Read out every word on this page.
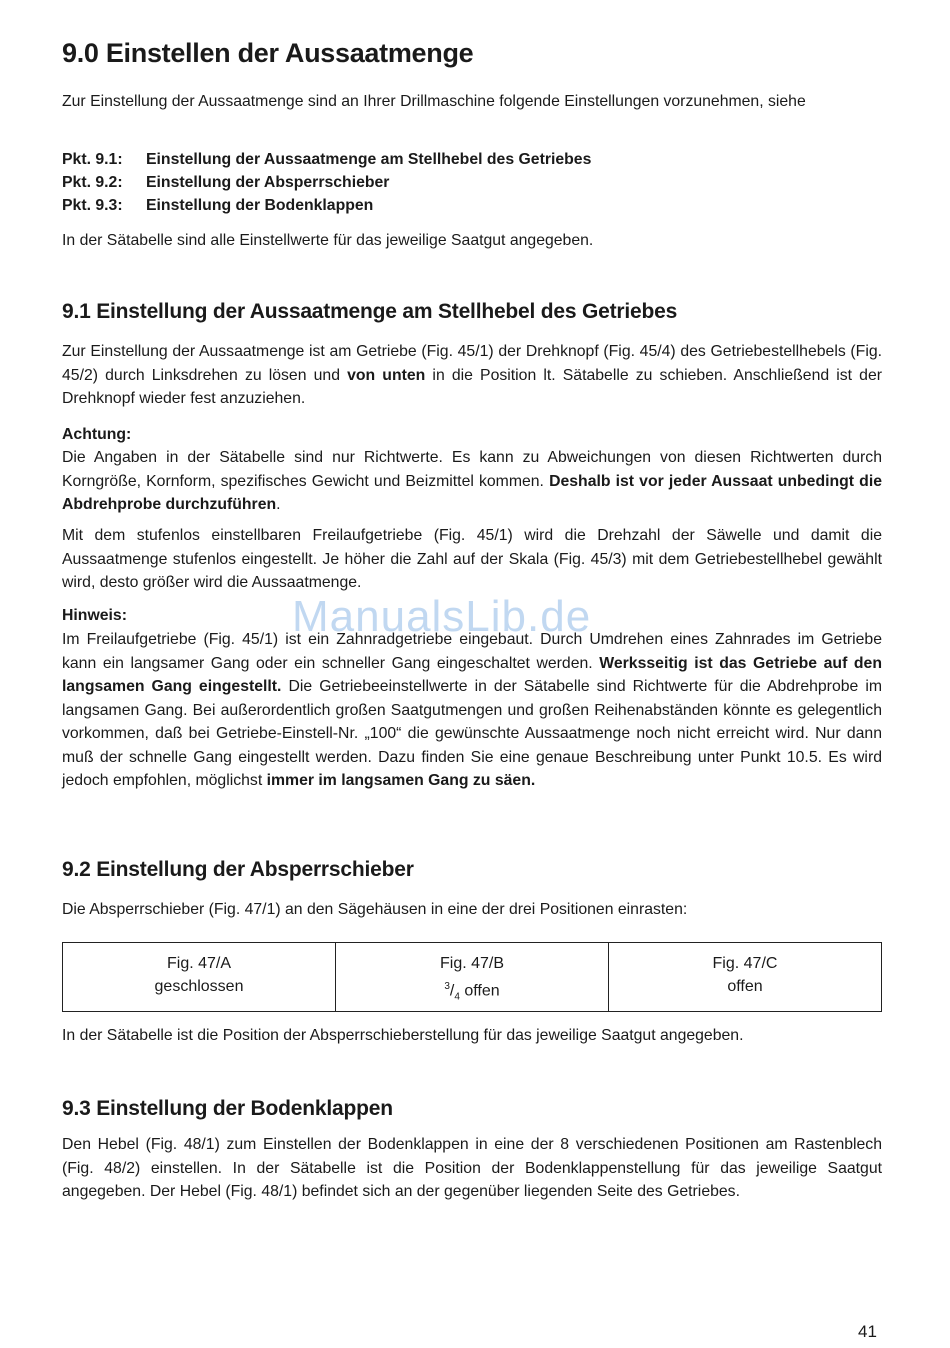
ManualsLib.de
9.0 Einstellen der Aussaatmenge

Zur Einstellung der Aussaatmenge sind an Ihrer Drillmaschine folgende Einstellungen vorzunehmen, siehe

Pkt. 9.1: Einstellung der Aussaatmenge am Stellhebel des Getriebes

Pkt. 9.2: Einstellung der Absperrschieber

Pkt. 9.3: Einstellung der Bodenklappen

In der Sätabelle sind alle Einstellwerte für das jeweilige Saatgut angegeben.

9.1 Einstellung der Aussaatmenge am Stellhebel des Getriebes

Zur Einstellung der Aussaatmenge ist am Getriebe (Fig. 45/1) der Drehknopf (Fig. 45/4) des Getriebestellhebels (Fig. 45/2) durch Linksdrehen zu lösen und von unten in die Position lt. Sätabelle zu schieben. Anschließend ist der Drehknopf wieder fest anzuziehen.

Achtung:

Die Angaben in der Sätabelle sind nur Richtwerte. Es kann zu Abweichungen von diesen Richtwerten durch Korngröße, Kornform, spezifisches Gewicht und Beizmittel kommen. Deshalb ist vor jeder Aussaat unbedingt die Abdrehprobe durchzuführen.

Mit dem stufenlos einstellbaren Freilaufgetriebe (Fig. 45/1) wird die Drehzahl der Säwelle und damit die Aussaatmenge stufenlos eingestellt. Je höher die Zahl auf der Skala (Fig. 45/3) mit dem Getriebestellhebel gewählt wird, desto größer wird die Aussaatmenge.

Hinweis:

Im Freilaufgetriebe (Fig. 45/1) ist ein Zahnradgetriebe eingebaut. Durch Umdrehen eines Zahnrades im Getriebe kann ein langsamer Gang oder ein schneller Gang eingeschaltet werden. Werksseitig ist das Getriebe auf den langsamen Gang eingestellt. Die Getriebeeinstellwerte in der Sätabelle sind Richtwerte für die Abdrehprobe im langsamen Gang. Bei außerordentlich großen Saatgutmengen und großen Reihenabständen könnte es gelegentlich vorkommen, daß bei Getriebe-Einstell-Nr. „100“ die gewünschte Aussaatmenge noch nicht erreicht wird. Nur dann muß der schnelle Gang eingestellt werden. Dazu finden Sie eine genaue Beschreibung unter Punkt 10.5. Es wird jedoch empfohlen, möglichst immer im langsamen Gang zu säen.

9.2 Einstellung der Absperrschieber

Die Absperrschieber (Fig. 47/1) an den Sägehäusen in eine der drei Positionen einrasten:

Fig. 47/A
geschlossen

Fig. 47/B
$^3/_4$ offen

Fig. 47/C
offen

In der Sätabelle ist die Position der Absperrschieberstellung für das jeweilige Saatgut angegeben.

9.3 Einstellung der Bodenklappen

Den Hebel (Fig. 48/1) zum Einstellen der Bodenklappen in eine der 8 verschiedenen Positionen am Rastenblech (Fig. 48/2) einstellen. In der Sätabelle ist die Position der Bodenklappenstellung für das jeweilige Saatgut angegeben. Der Hebel (Fig. 48/1) befindet sich an der gegenüber liegenden Seite des Getriebes.

41
